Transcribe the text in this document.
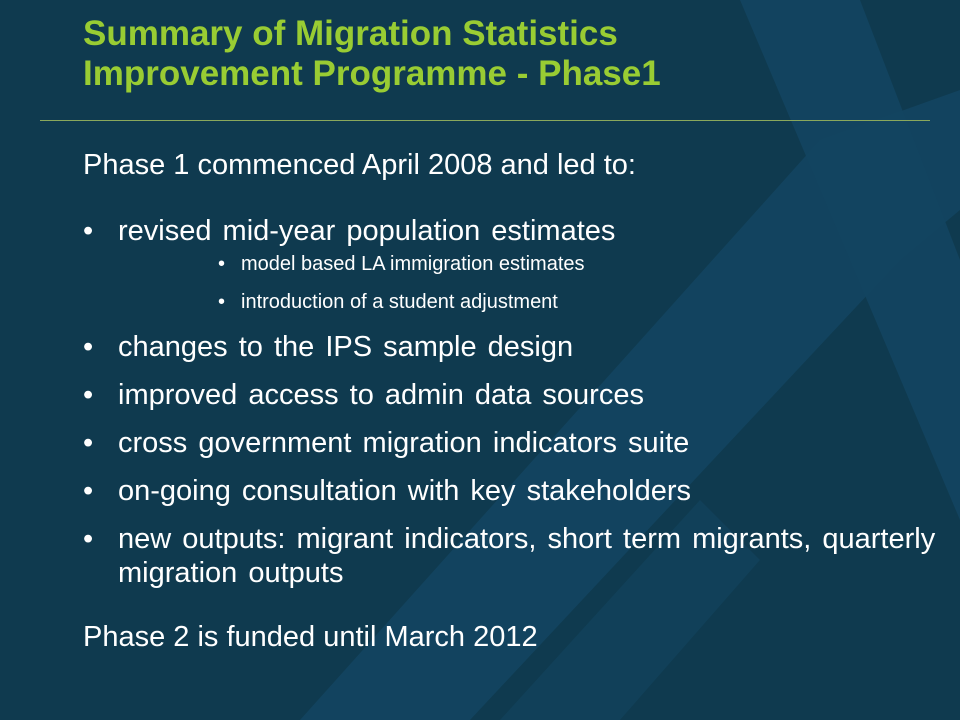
Summary of Migration Statistics
Improvement Programme - Phase1

Phase 1 commenced April 2008 and led to:

• revised mid-year population estimates
• model based LA immigration estimates
• introduction of a student adjustment
• changes to the IPS sample design
• improved access to admin data sources
• cross government migration indicators suite
• on-going consultation with key stakeholders
• new outputs: migrant indicators, short term migrants, quarterly migration outputs

Phase 2 is funded until March 2012
